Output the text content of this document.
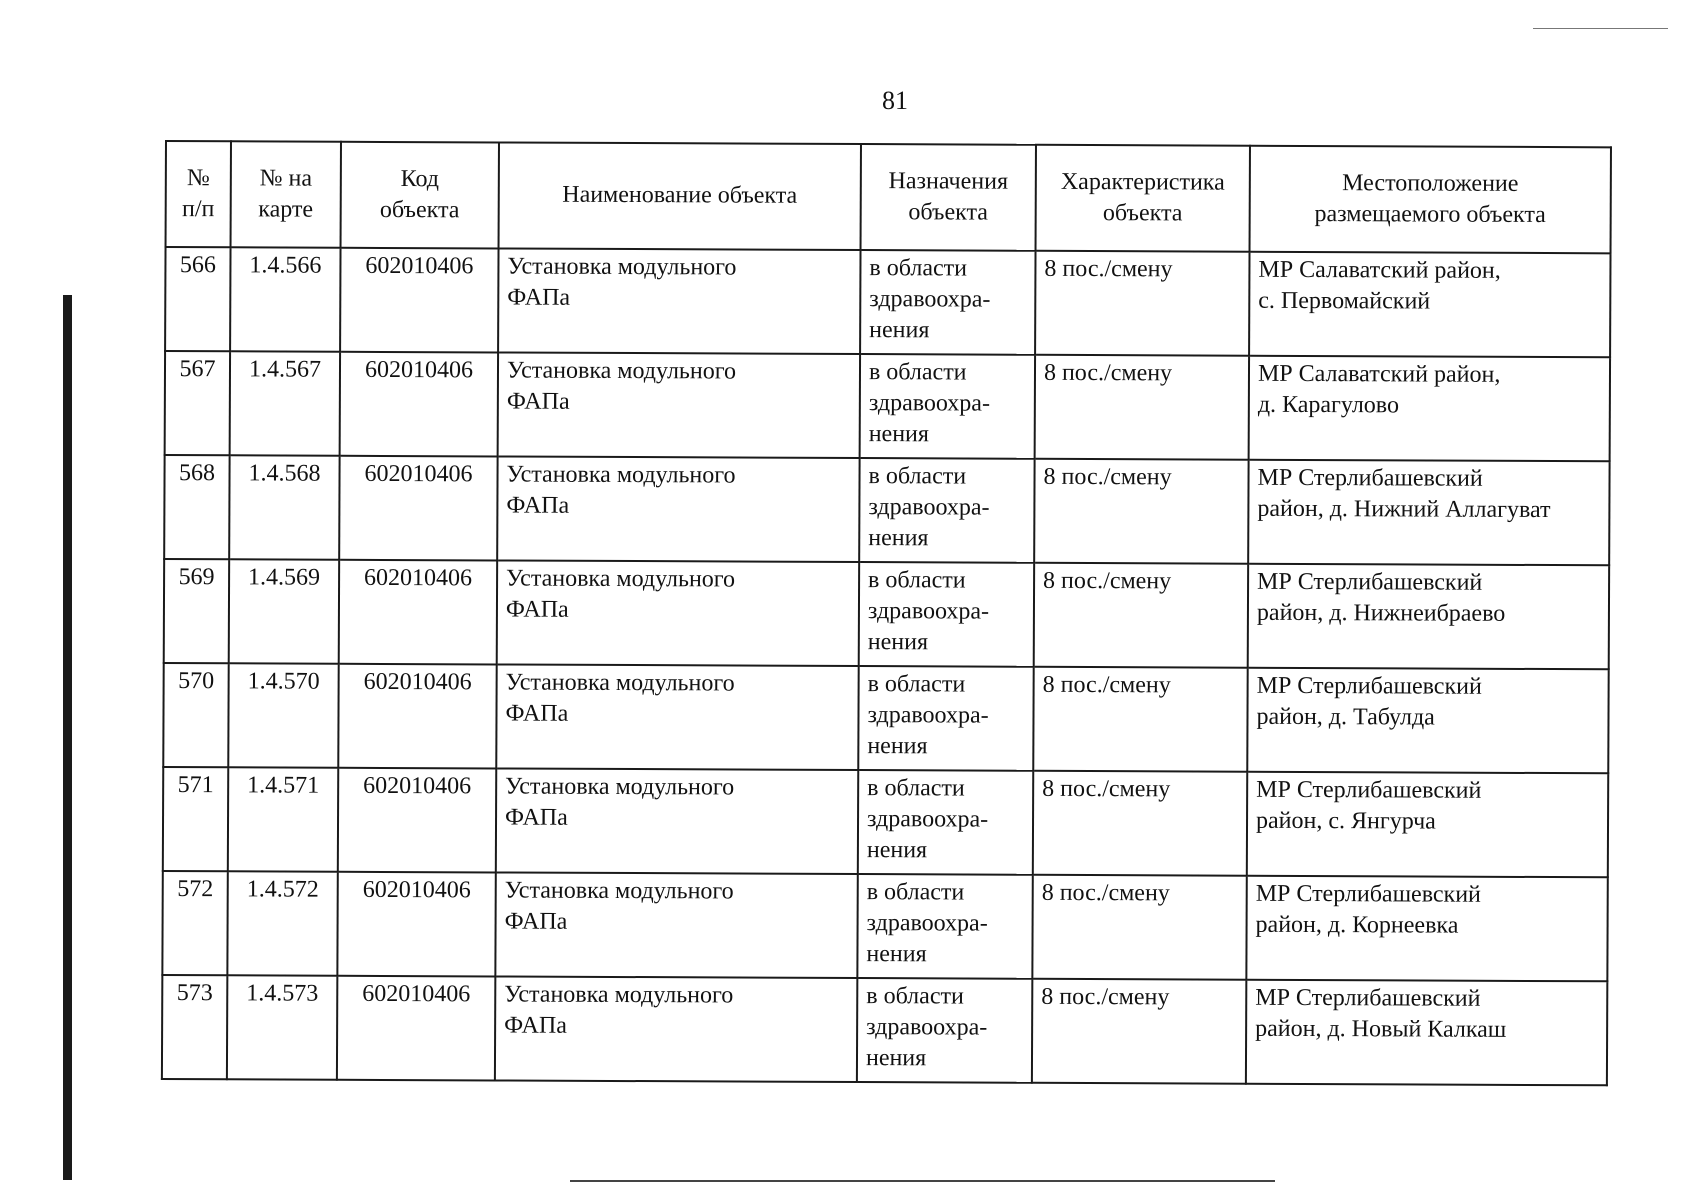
81
№
п/п	№ на
карте	Код
объекта	Наименование объекта	Назначения
объекта	Характеристика
объекта	Местоположение
размещаемого объекта

566	1.4.566	602010406	Установка модульного
ФАПа	в области
здравоохра-
нения	8 пос./смену	МР Салаватский район,
с. Первомайский

567	1.4.567	602010406	Установка модульного
ФАПа	в области
здравоохра-
нения	8 пос./смену	МР Салаватский район,
д. Карагулово

568	1.4.568	602010406	Установка модульного
ФАПа	в области
здравоохра-
нения	8 пос./смену	МР Стерлибашевский
район, д. Нижний Аллагуват

569	1.4.569	602010406	Установка модульного
ФАПа	в области
здравоохра-
нения	8 пос./смену	МР Стерлибашевский
район, д. Нижнеибраево

570	1.4.570	602010406	Установка модульного
ФАПа	в области
здравоохра-
нения	8 пос./смену	МР Стерлибашевский
район, д. Табулда

571	1.4.571	602010406	Установка модульного
ФАПа	в области
здравоохра-
нения	8 пос./смену	МР Стерлибашевский
район, с. Янгурча

572	1.4.572	602010406	Установка модульного
ФАПа	в области
здравоохра-
нения	8 пос./смену	МР Стерлибашевский
район, д. Корнеевка

573	1.4.573	602010406	Установка модульного
ФАПа	в области
здравоохра-
нения	8 пос./смену	МР Стерлибашевский
район, д. Новый Калкаш
